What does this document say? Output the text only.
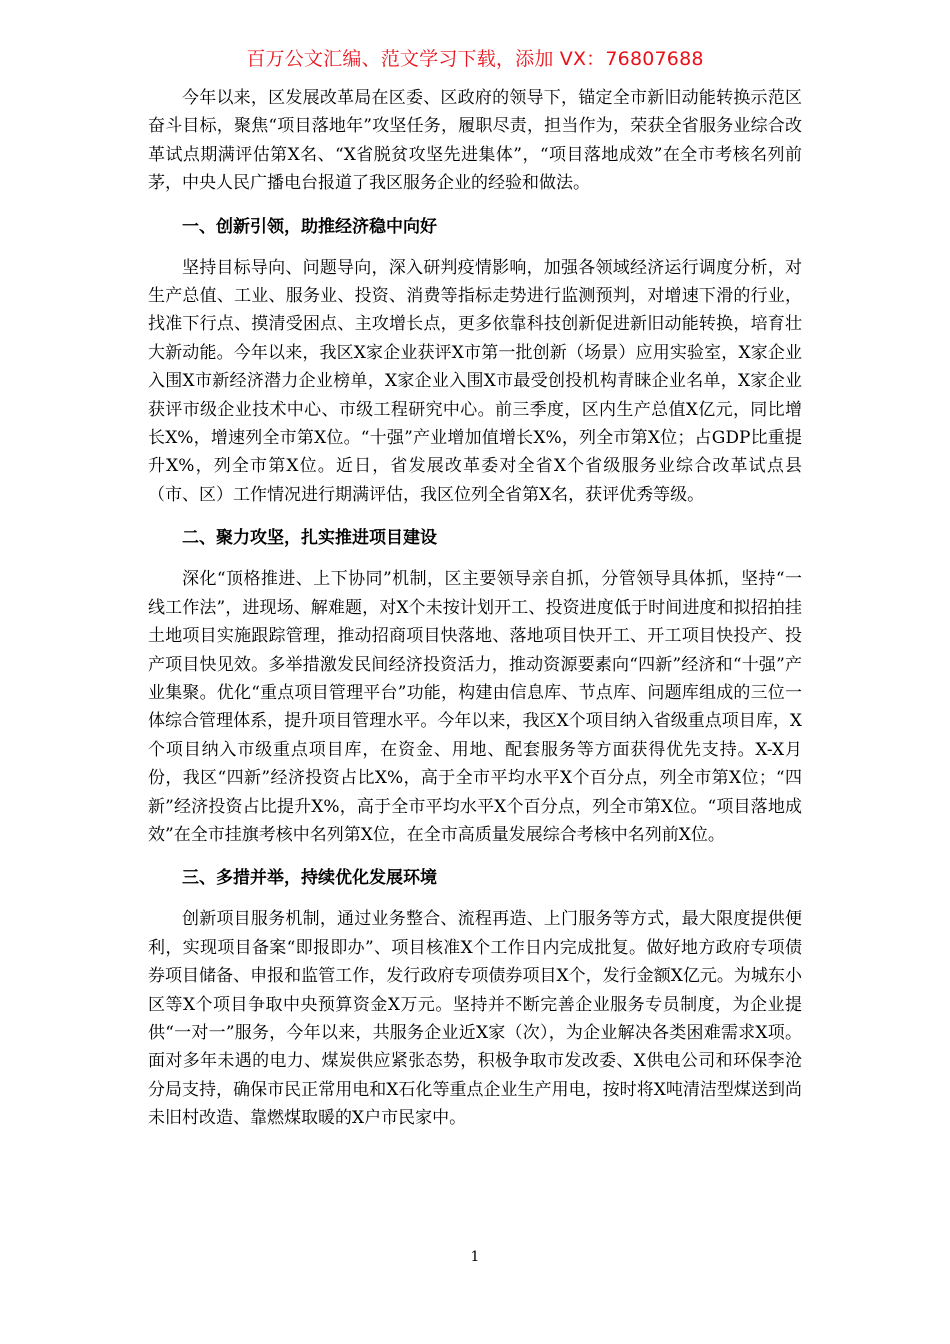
百万公文汇编、范文学习下载，添加 VX：76807688

今年以来，区发展改革局在区委、区政府的领导下，锚定全市新旧动能转换示范区奋斗目标，聚焦“项目落地年”攻坚任务，履职尽责，担当作为，荣获全省服务业综合改革试点期满评估第X名、“X省脱贫攻坚先进集体”，“项目落地成效”在全市考核名列前茅，中央人民广播电台报道了我区服务企业的经验和做法。

一、创新引领，助推经济稳中向好

坚持目标导向、问题导向，深入研判疫情影响，加强各领域经济运行调度分析，对生产总值、工业、服务业、投资、消费等指标走势进行监测预判，对增速下滑的行业，找准下行点、摸清受困点、主攻增长点，更多依靠科技创新促进新旧动能转换，培育壮大新动能。今年以来，我区X家企业获评X市第一批创新（场景）应用实验室，X家企业入围X市新经济潜力企业榜单，X家企业入围X市最受创投机构青睐企业名单，X家企业获评市级企业技术中心、市级工程研究中心。前三季度，区内生产总值X亿元，同比增长X%，增速列全市第X位。“十强”产业增加值增长X%，列全市第X位；占GDP比重提升X%，列全市第X位。近日，省发展改革委对全省X个省级服务业综合改革试点县（市、区）工作情况进行期满评估，我区位列全省第X名，获评优秀等级。

二、聚力攻坚，扎实推进项目建设

深化“顶格推进、上下协同”机制，区主要领导亲自抓，分管领导具体抓，坚持“一线工作法”，进现场、解难题，对X个未按计划开工、投资进度低于时间进度和拟招拍挂土地项目实施跟踪管理，推动招商项目快落地、落地项目快开工、开工项目快投产、投产项目快见效。多举措激发民间经济投资活力，推动资源要素向“四新”经济和“十强”产业集聚。优化“重点项目管理平台”功能，构建由信息库、节点库、问题库组成的三位一体综合管理体系，提升项目管理水平。今年以来，我区X个项目纳入省级重点项目库，X个项目纳入市级重点项目库，在资金、用地、配套服务等方面获得优先支持。X-X月份，我区“四新”经济投资占比X%，高于全市平均水平X个百分点，列全市第X位；“四新”经济投资占比提升X%，高于全市平均水平X个百分点，列全市第X位。“项目落地成效”在全市挂旗考核中名列第X位，在全市高质量发展综合考核中名列前X位。

三、多措并举，持续优化发展环境

创新项目服务机制，通过业务整合、流程再造、上门服务等方式，最大限度提供便利，实现项目备案“即报即办”、项目核准X个工作日内完成批复。做好地方政府专项债券项目储备、申报和监管工作，发行政府专项债券项目X个，发行金额X亿元。为城东小区等X个项目争取中央预算资金X万元。坚持并不断完善企业服务专员制度，为企业提供“一对一”服务，今年以来，共服务企业近X家（次），为企业解决各类困难需求X项。面对多年未遇的电力、煤炭供应紧张态势，积极争取市发改委、X供电公司和环保李沧分局支持，确保市民正常用电和X石化等重点企业生产用电，按时将X吨清洁型煤送到尚未旧村改造、靠燃煤取暖的X户市民家中。

1
